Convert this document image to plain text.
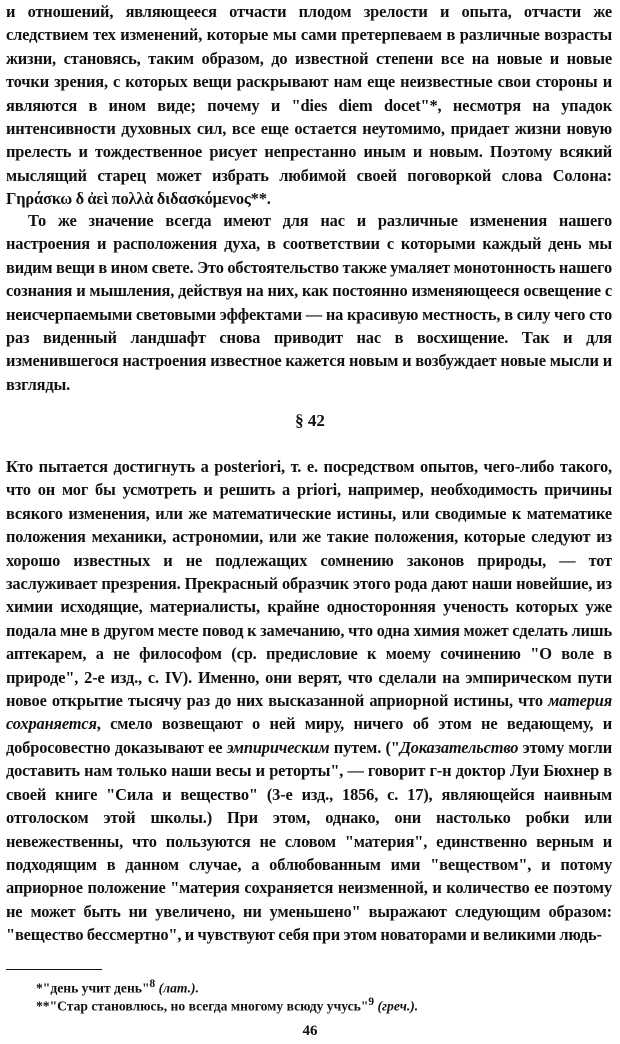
и отношений, являющееся отчасти плодом зрелости и опыта, отчасти же следствием тех изменений, которые мы сами претерпеваем в различные возрасты жизни, становясь, таким образом, до известной степени все на новые и новые точки зрения, с которых вещи раскрывают нам еще неизвестные свои стороны и являются в ином виде; почему и "dies diem docet"*, несмотря на упадок интенсивности духовных сил, все еще остается неутомимо, придает жизни новую прелесть и тождественное рисует непрестанно иным и новым. Поэтому всякий мыслящий старец может избрать любимой своей поговоркой слова Солона: Γηράσκω δ ἀεὶ πολλὰ διδασκόμενος**.

То же значение всегда имеют для нас и различные изменения нашего настроения и расположения духа, в соответствии с которыми каждый день мы видим вещи в ином свете. Это обстоятельство также умаляет монотонность нашего сознания и мышления, действуя на них, как постоянно изменяющееся освещение с неисчерпаемыми световыми эффектами — на красивую местность, в силу чего сто раз виденный ландшафт снова приводит нас в восхищение. Так и для изменившегося настроения известное кажется новым и возбуждает новые мысли и взгляды.

§ 42

Кто пытается достигнуть a posteriori, т. е. посредством опытов, чего-либо такого, что он мог бы усмотреть и решить a priori, например, необходимость причины всякого изменения, или же математические истины, или сводимые к математике положения механики, астрономии, или же такие положения, которые следуют из хорошо известных и не подлежащих сомнению законов природы, — тот заслуживает презрения. Прекрасный образчик этого рода дают наши новейшие, из химии исходящие, материалисты, крайне односторонняя ученость которых уже подала мне в другом месте повод к замечанию, что одна химия может сделать лишь аптекарем, а не философом (ср. предисловие к моему сочинению "О воле в природе", 2-е изд., с. IV). Именно, они верят, что сделали на эмпирическом пути новое открытие тысячу раз до них высказанной априорной истины, что материя сохраняется, смело возвещают о ней миру, ничего об этом не ведающему, и добросовестно доказывают ее эмпирическим путем. ("Доказательство этому могли доставить нам только наши весы и реторты", — говорит г-н доктор Луи Бюхнер в своей книге "Сила и вещество" (3-е изд., 1856, с. 17), являющейся наивным отголоском этой школы.) При этом, однако, они настолько робки или невежественны, что пользуются не словом "материя", единственно верным и подходящим в данном случае, а облюбованным ими "веществом", и потому априорное положение "материя сохраняется неизменной, и количество ее поэтому не может быть ни увеличено, ни уменьшено" выражают следующим образом: "вещество бессмертно", и чувствуют себя при этом новаторами и великими людь-

*"день учит день"$^8$ (лат.).
**"Стар становлюсь, но всегда многому всюду учусь"$^9$ (греч.).
46
